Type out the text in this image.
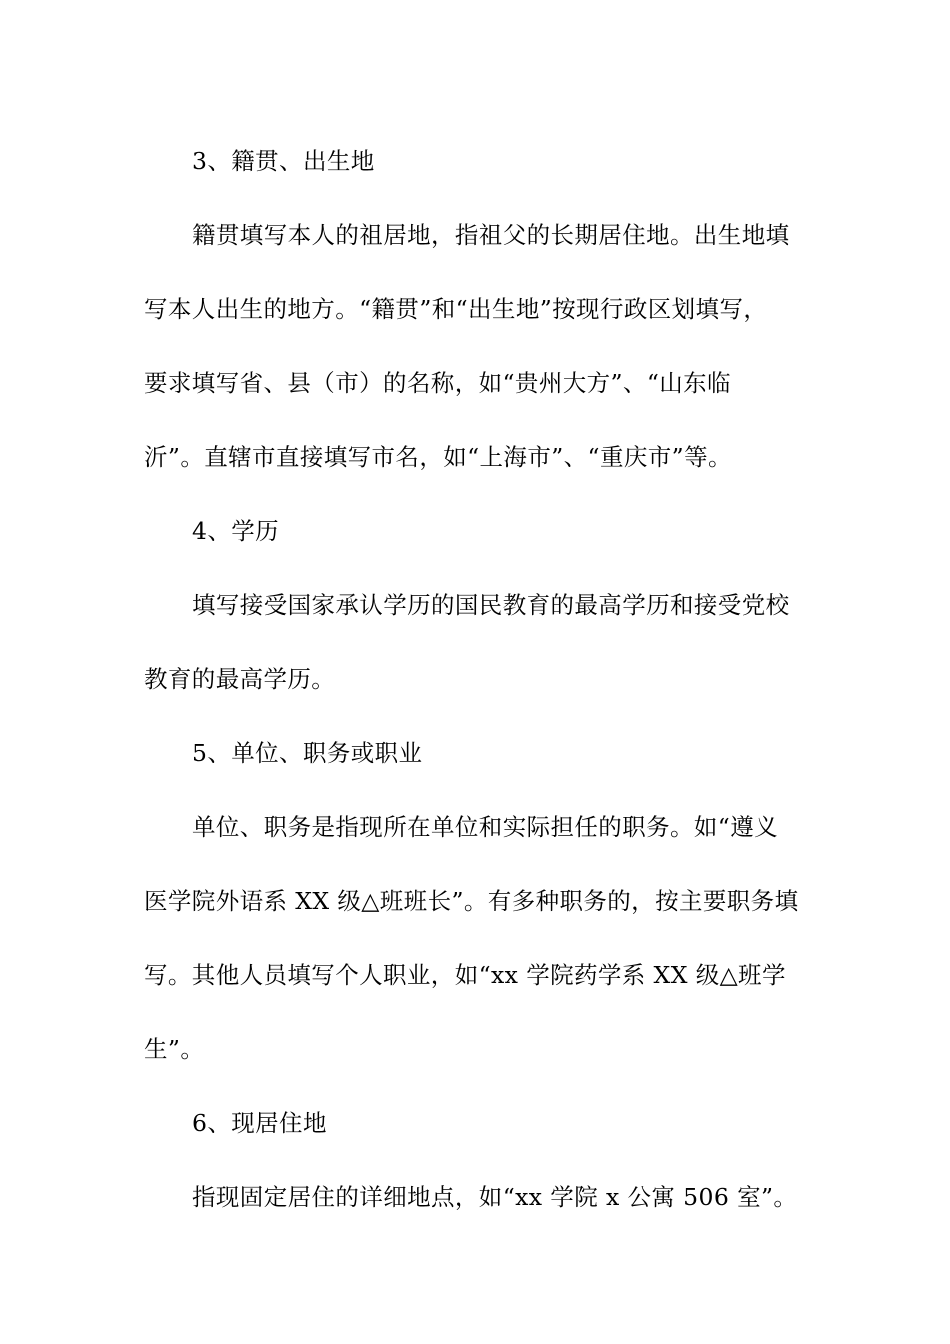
3、籍贯、出生地

籍贯填写本人的祖居地，指祖父的长期居住地。出生地填
写本人出生的地方。“籍贯”和“出生地”按现行政区划填写，
要求填写省、县（市）的名称，如“贵州大方”、“山东临
沂”。直辖市直接填写市名，如“上海市”、“重庆市”等。

4、学历

填写接受国家承认学历的国民教育的最高学历和接受党校
教育的最高学历。

5、单位、职务或职业

单位、职务是指现所在单位和实际担任的职务。如“遵义
医学院外语系 XX 级△班班长”。有多种职务的，按主要职务填
写。其他人员填写个人职业，如“xx 学院药学系 XX 级△班学
生”。

6、现居住地

指现固定居住的详细地点，如“xx 学院 x 公寓 506 室”。
